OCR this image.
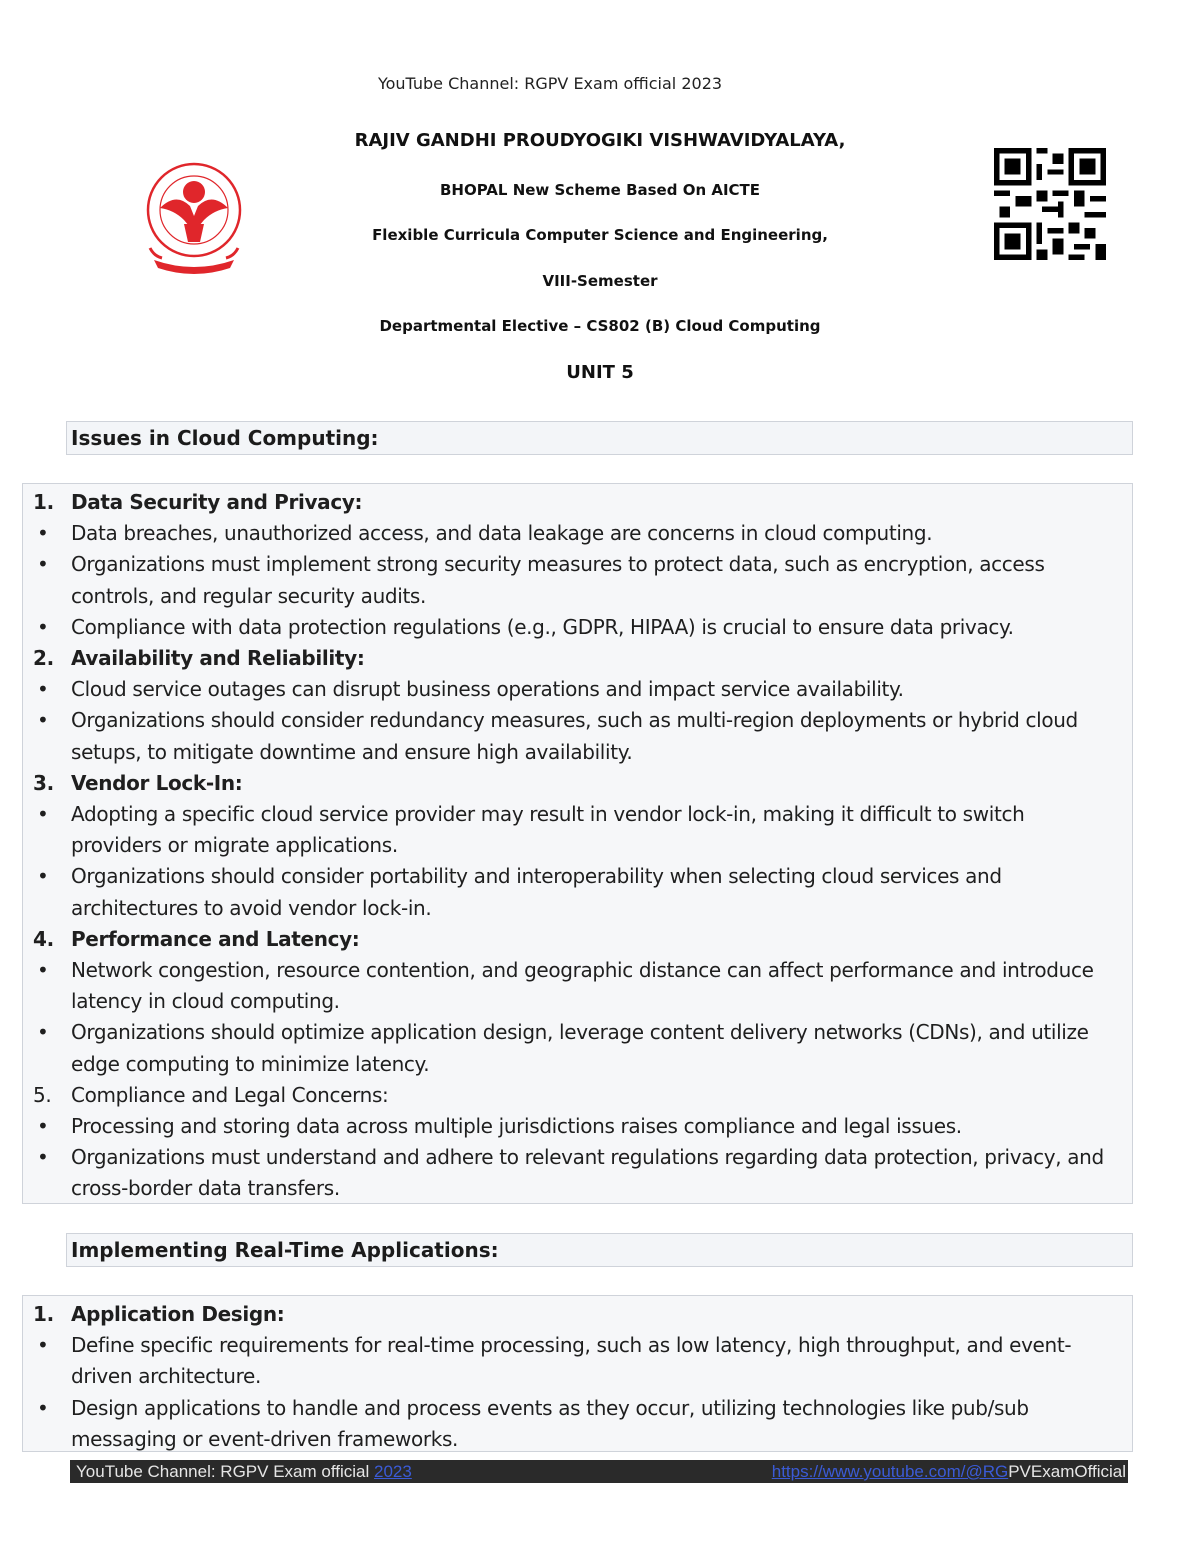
YouTube Channel: RGPV Exam official 2023
RAJIV GANDHI PROUDYOGIKI VISHWAVIDYALAYA,
BHOPAL New Scheme Based On AICTE
Flexible Curricula Computer Science and Engineering,
VIII-Semester
Departmental Elective – CS802 (B) Cloud Computing
UNIT 5
Issues in Cloud Computing:
1. Data Security and Privacy:
•	Data breaches, unauthorized access, and data leakage are concerns in cloud computing.
•	Organizations must implement strong security measures to protect data, such as encryption, access controls, and regular security audits.
•	Compliance with data protection regulations (e.g., GDPR, HIPAA) is crucial to ensure data privacy.
2. Availability and Reliability:
•	Cloud service outages can disrupt business operations and impact service availability.
•	Organizations should consider redundancy measures, such as multi-region deployments or hybrid cloud setups, to mitigate downtime and ensure high availability.
3. Vendor Lock-In:
•	Adopting a specific cloud service provider may result in vendor lock-in, making it difficult to switch providers or migrate applications.
•	Organizations should consider portability and interoperability when selecting cloud services and architectures to avoid vendor lock-in.
4. Performance and Latency:
•	Network congestion, resource contention, and geographic distance can affect performance and introduce latency in cloud computing.
•	Organizations should optimize application design, leverage content delivery networks (CDNs), and utilize edge computing to minimize latency.
5. Compliance and Legal Concerns:
•	Processing and storing data across multiple jurisdictions raises compliance and legal issues.
•	Organizations must understand and adhere to relevant regulations regarding data protection, privacy, and cross-border data transfers.
Implementing Real-Time Applications:
1. Application Design:
•	Define specific requirements for real-time processing, such as low latency, high throughput, and event-driven architecture.
•	Design applications to handle and process events as they occur, utilizing technologies like pub/sub messaging or event-driven frameworks.
YouTube Channel: RGPV Exam official 2023	https://www.youtube.com/@RGPVExamOfficial
